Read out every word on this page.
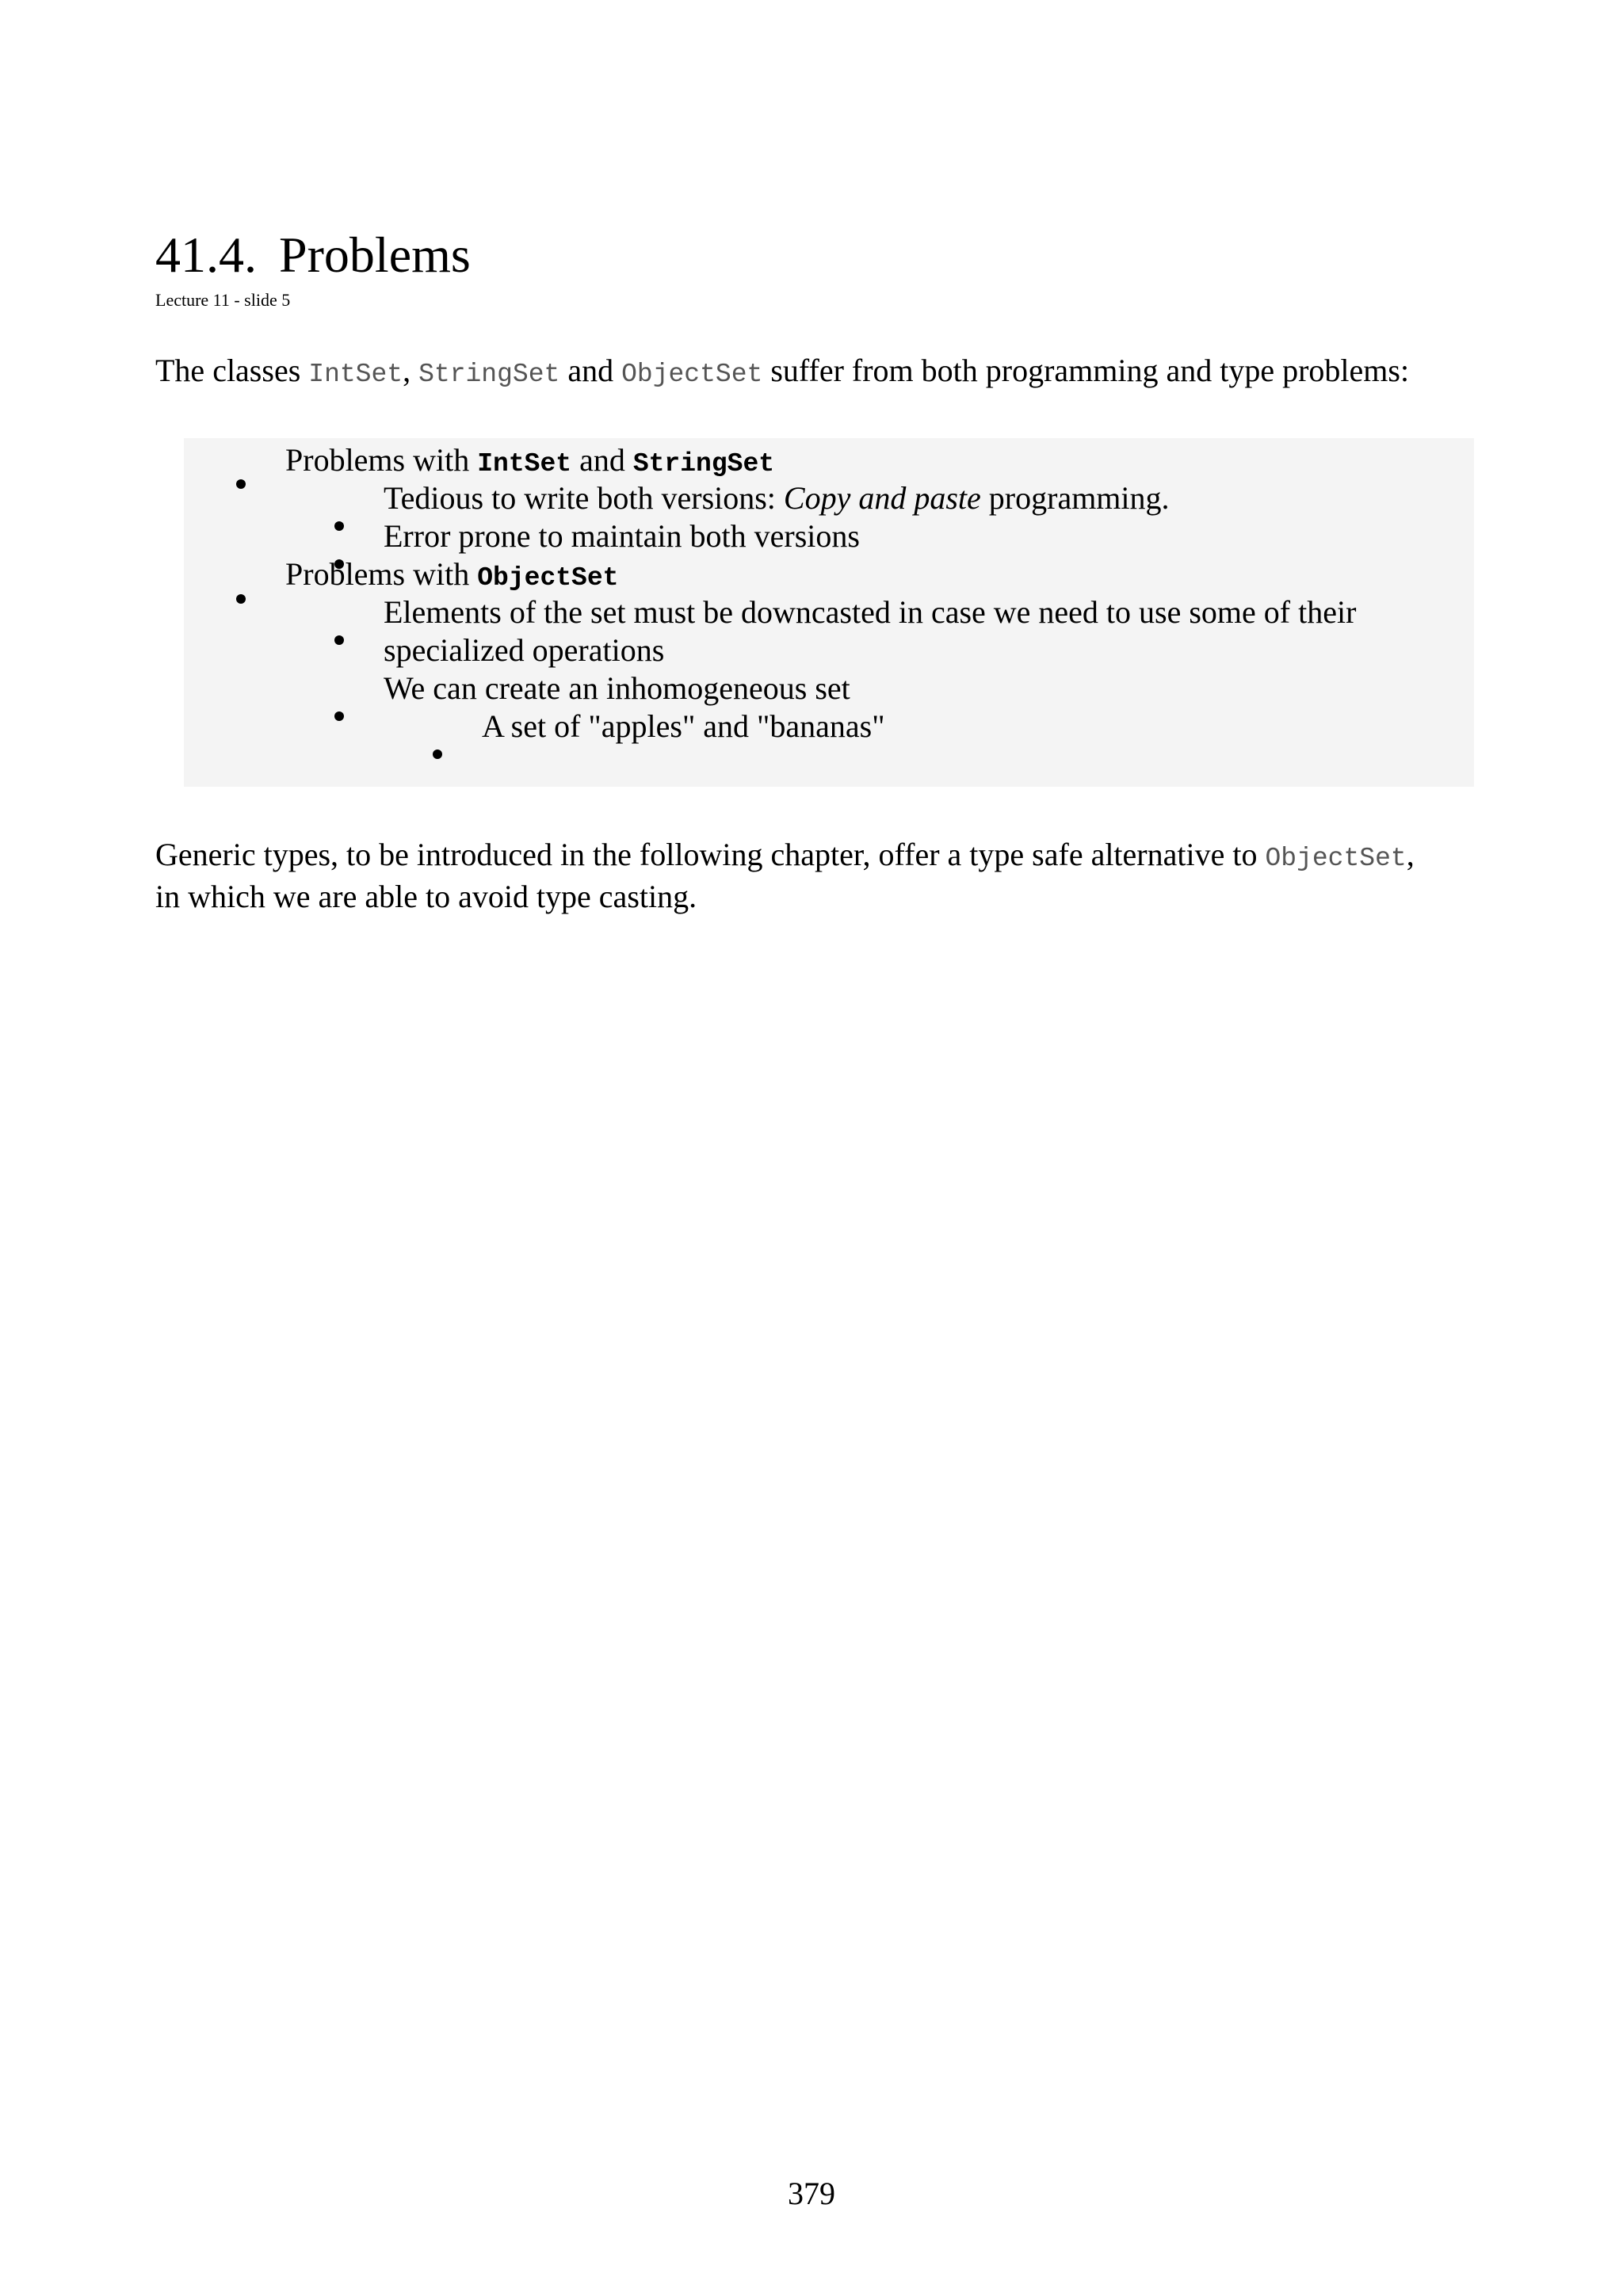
41.4. Problems
Lecture 11 - slide 5

The classes IntSet, StringSet and ObjectSet suffer from both programming and type problems:

Problems with IntSet and StringSet
Tedious to write both versions: Copy and paste programming.
Error prone to maintain both versions
Problems with ObjectSet
Elements of the set must be downcasted in case we need to use some of their
specialized operations
We can create an inhomogeneous set
A set of "apples" and "bananas"

Generic types, to be introduced in the following chapter, offer a type safe alternative to ObjectSet,
in which we are able to avoid type casting.

379
